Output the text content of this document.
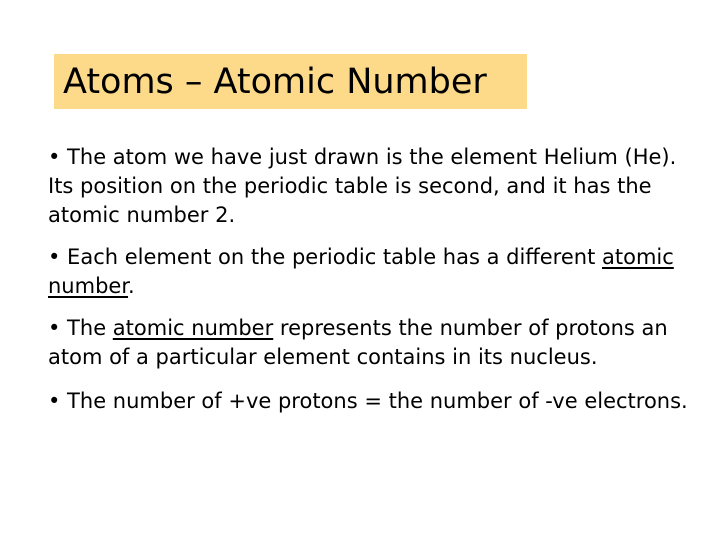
Atoms – Atomic Number

• The atom we have just drawn is the element Helium (He). Its position on the periodic table is second, and it has the atomic number 2.

• Each element on the periodic table has a different atomic number.

• The atomic number represents the number of protons an atom of a particular element contains in its nucleus.

• The number of +ve protons = the number of -ve electrons.
